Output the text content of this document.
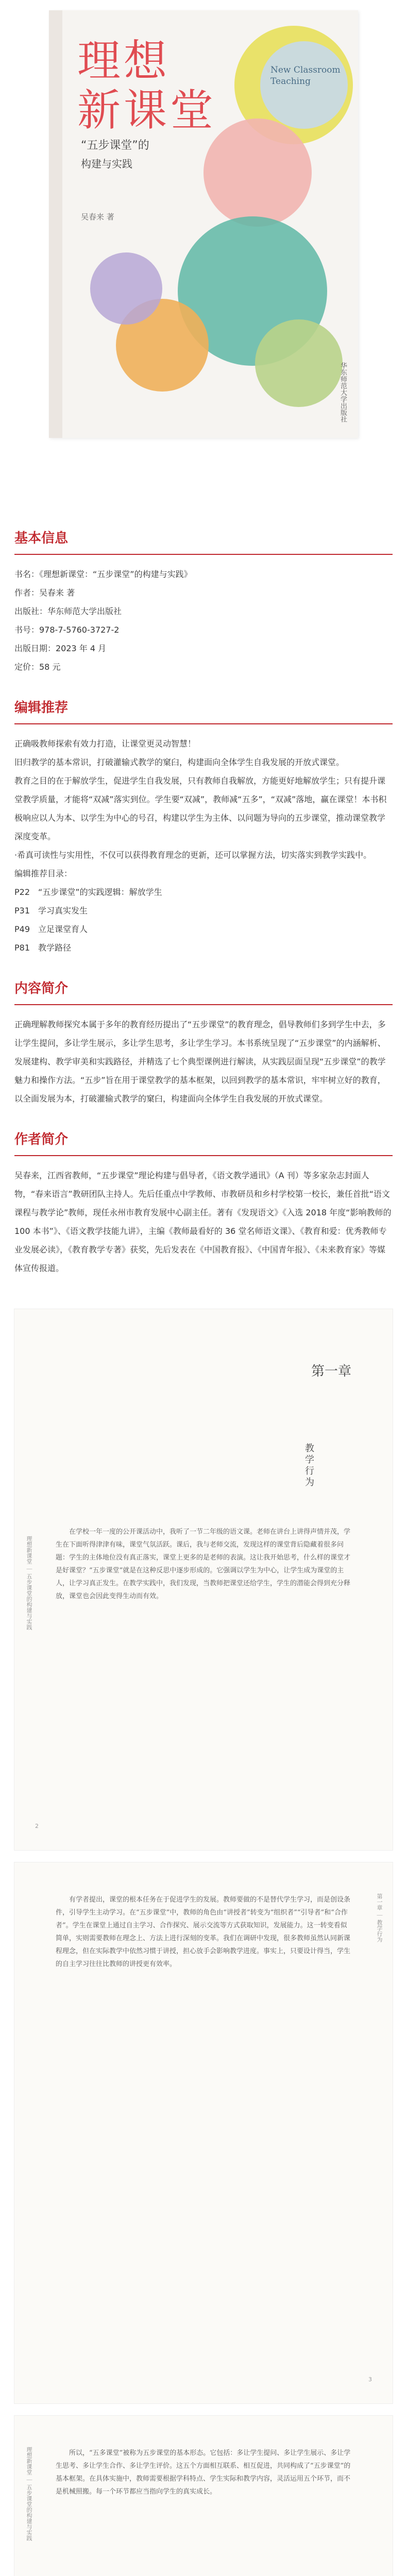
理想
新课堂
New Classroom Teaching
“五步课堂”的
构建与实践
吴春来 著
华东师范大学出版社
基本信息
书名：《理想新课堂：“五步课堂”的构建与实践》
作者：吴春来 著
出版社：华东师范大学出版社
书号：978-7-5760-3727-2
出版日期：2023 年 4 月
定价：58 元
编辑推荐

正确吸教师探索有效力打造，让课堂更灵动智慧！

旧归教学的基本常识，打破灌输式教学的窠臼，构建面向全体学生自我发展的开放式课堂。

教育之目的在于解放学生，促进学生自我发展，只有教师自我解放，方能更好地解放学生；只有提升课堂教学质量，才能将“双减”落实到位。学生要“双减”，教师减“五多”，“双减”落地，赢在课堂！本书积极响应以人为本、以学生为中心的号召，构建以学生为主体、以问题为导向的五步课堂，推动课堂教学深度变革。

·希真可读性与实用性，不仅可以获得教育理念的更新，还可以掌握方法，切实落实到教学实践中。

编辑推荐目录：

P22　“五步课堂”的实践逻辑：解放学生

P31　学习真实发生

P49　立足课堂育人

P81　教学路径

内容简介

正确理解教师探究本属于多年的教育经历提出了“五步课堂”的教育理念，倡导教师们多到学生中去，多让学生提问，多让学生展示，多让学生思考，多让学生学习。本书系统呈现了“五步课堂”的内涵解析、发展建构、教学审美和实践路径，并精选了七个典型课例进行解读，从实践层面呈现“五步课堂”的教学魅力和操作方法。“五步”旨在用于课堂教学的基本框架，以回到教学的基本常识，牢牢树立好的教育，以全面发展为本，打破灌输式教学的窠臼，构建面向全体学生自我发展的开放式课堂。

作者简介

吴春来，江西省教师，“五步课堂”理论构建与倡导者，《语文教学通讯》（A 刊）等多家杂志封面人物，“春来语言”教研团队主持人。先后任重点中学教师、市教研员和乡村学校第一校长，兼任首批“语文课程与教学论”教师，现任永州市教育发展中心副主任。著有《发现语文》《入选 2018 年度“影响教师的 100 本书”》、《语文教学技能九讲》，主编《教师最看好的 36 堂名师语文课》、《教育和爱：优秀教师专业发展必读》，《教育教学专著》获奖，先后发表在《中国教育报》、《中国青年报》、《未来教育家》等媒体宣传报道。

第一章
教学行为
理想新课堂 ｜ 五步课堂的构建与实践

在学校一年一度的公开课活动中，我听了一节二年级的语文课。老师在讲台上讲得声情并茂，学生在下面听得津津有味，课堂气氛活跃。课后，我与老师交流，发现这样的课堂背后隐藏着很多问题：学生的主体地位没有真正落实，课堂上更多的是老师的表演。这让我开始思考，什么样的课堂才是好课堂？“五步课堂”就是在这种反思中逐步形成的。它强调以学生为中心，让学生成为课堂的主人，让学习真正发生。在教学实践中，我们发现，当教师把课堂还给学生，学生的潜能会得到充分释放，课堂也会因此变得生动而有效。

2
第一章 ｜ 教学行为

有学者提出，课堂的根本任务在于促进学生的发展。教师要做的不是替代学生学习，而是创设条件，引导学生主动学习。在“五步课堂”中，教师的角色由“讲授者”转变为“组织者”“引导者”和“合作者”。学生在课堂上通过自主学习、合作探究、展示交流等方式获取知识，发展能力。这一转变看似简单，实则需要教师在理念上、方法上进行深刻的变革。我们在调研中发现，很多教师虽然认同新课程理念，但在实际教学中依然习惯于讲授，担心放手会影响教学进度。事实上，只要设计得当，学生的自主学习往往比教师的讲授更有效率。

3
理想新课堂 ｜ 五步课堂的构建与实践	所以，“五多课堂”被称为五步课堂的基本形态。它包括：多让学生提问、多让学生展示、多让学生思考、多让学生合作、多让学生评价。这五个方面相互联系、相互促进，共同构成了“五步课堂”的基本框架。在具体实施中，教师需要根据学科特点、学生实际和教学内容，灵活运用五个环节，而不是机械照搬。每一个环节都应当指向学生的真实成长。
